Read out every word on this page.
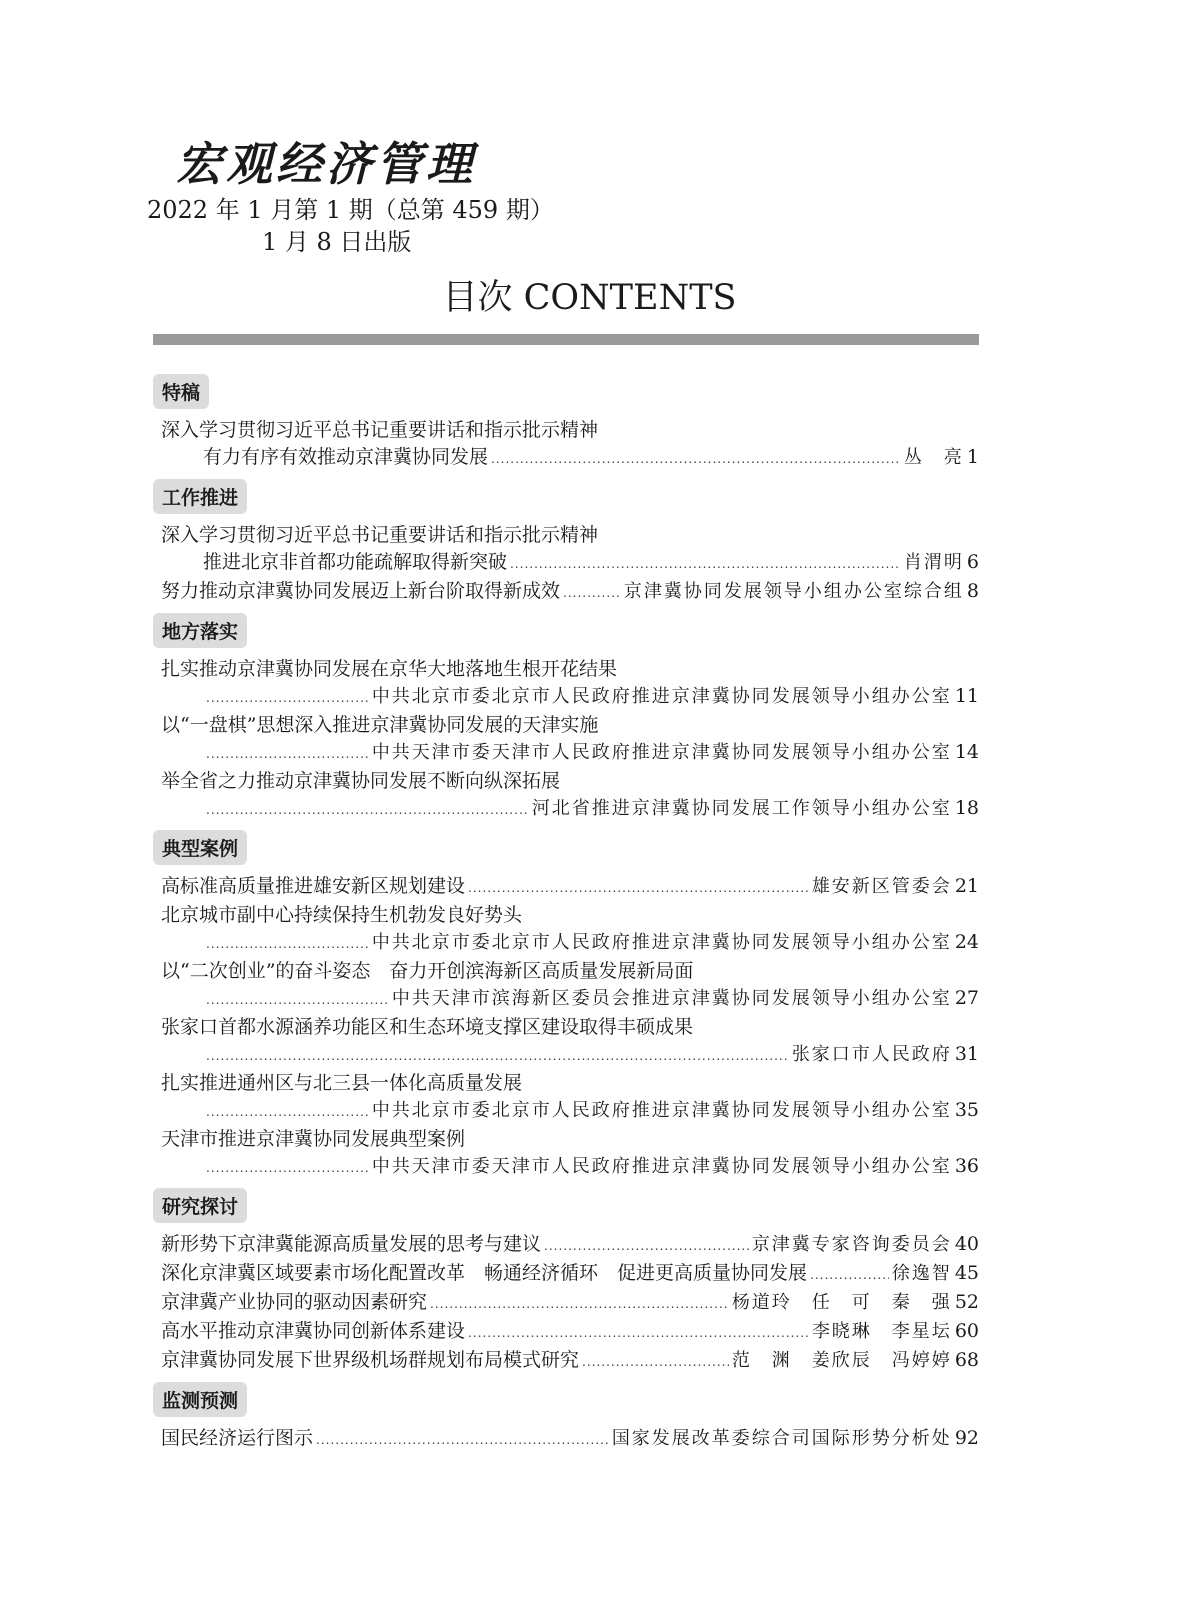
宏观经济管理
2022 年 1 月第 1 期（总第 459 期）
1 月 8 日出版
目次 CONTENTS
特稿
深入学习贯彻习近平总书记重要讲话和指示批示精神
有力有序有效推动京津冀协同发展 .....	丛　亮 1
工作推进
深入学习贯彻习近平总书记重要讲话和指示批示精神
推进北京非首都功能疏解取得新突破 .....	肖渭明 6
努力推动京津冀协同发展迈上新台阶取得新成效 .....	京津冀协同发展领导小组办公室综合组 8
地方落实
扎实推动京津冀协同发展在京华大地落地生根开花结果
.....
中共北京市委北京市人民政府推进京津冀协同发展领导小组办公室 11
以“一盘棋”思想深入推进京津冀协同发展的天津实施
.....
中共天津市委天津市人民政府推进京津冀协同发展领导小组办公室 14
举全省之力推动京津冀协同发展不断向纵深拓展
.....
河北省推进京津冀协同发展工作领导小组办公室 18
典型案例
高标准高质量推进雄安新区规划建设 .....	雄安新区管委会 21
北京城市副中心持续保持生机勃发良好势头
.....
中共北京市委北京市人民政府推进京津冀协同发展领导小组办公室 24
以“二次创业”的奋斗姿态　奋力开创滨海新区高质量发展新局面
.....
中共天津市滨海新区委员会推进京津冀协同发展领导小组办公室 27
张家口首都水源涵养功能区和生态环境支撑区建设取得丰硕成果
.....
张家口市人民政府 31
扎实推进通州区与北三县一体化高质量发展
.....
中共北京市委北京市人民政府推进京津冀协同发展领导小组办公室 35
天津市推进京津冀协同发展典型案例
.....
中共天津市委天津市人民政府推进京津冀协同发展领导小组办公室 36
研究探讨
新形势下京津冀能源高质量发展的思考与建议 .....	京津冀专家咨询委员会 40
深化京津冀区域要素市场化配置改革　畅通经济循环　促进更高质量协同发展 .....	徐逸智 45
京津冀产业协同的驱动因素研究 .....	杨道玲　任　可　秦　强 52
高水平推动京津冀协同创新体系建设 .....	李晓琳　李星坛 60
京津冀协同发展下世界级机场群规划布局模式研究 .....	范　渊　姜欣辰　冯婷婷 68
监测预测
国民经济运行图示 .....	国家发展改革委综合司国际形势分析处 92
